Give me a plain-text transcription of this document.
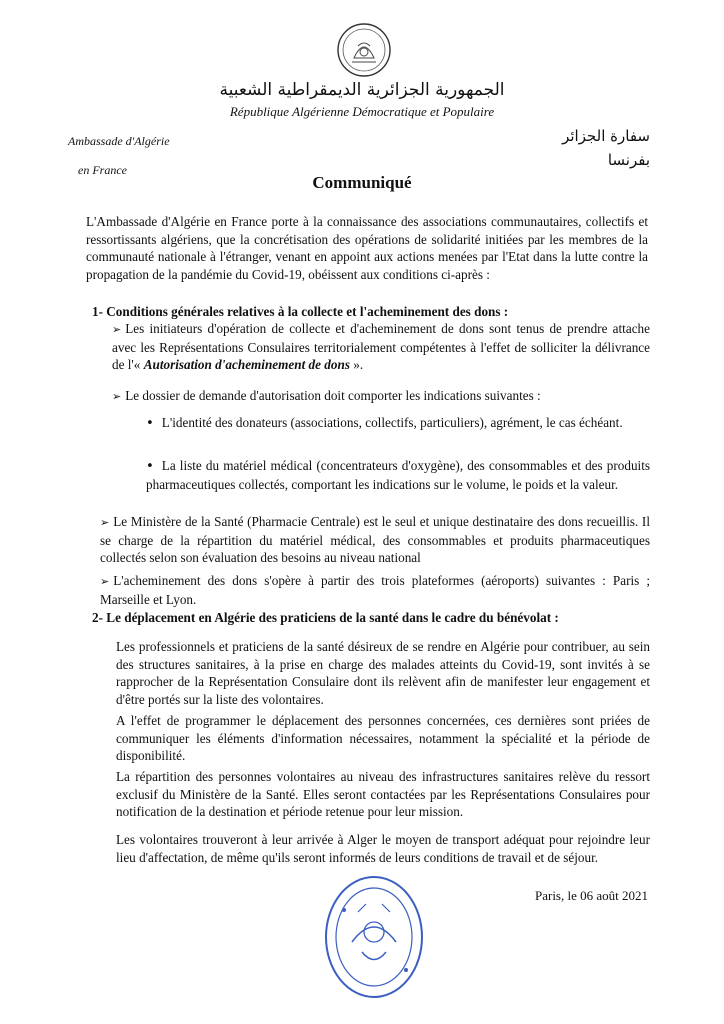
الجمهورية الجزائرية الديمقراطية الشعبية
République Algérienne Démocratique et Populaire
Ambassade d'Algérie
en France
سفارة الجزائر
بفرنسا
Communiqué
L'Ambassade d'Algérie en France porte à la connaissance des associations communautaires, collectifs et ressortissants algériens, que la concrétisation des opérations de solidarité initiées par les membres de la communauté nationale à l'étranger, venant en appoint aux actions menées par l'Etat dans la lutte contre la propagation de la pandémie du Covid-19, obéissent aux conditions ci-après :
1- Conditions générales relatives à la collecte et l'acheminement des dons :
➢ Les initiateurs d'opération de collecte et d'acheminement de dons sont tenus de prendre attache avec les Représentations Consulaires territorialement compétentes à l'effet de solliciter la délivrance de l'« Autorisation d'acheminement de dons ».
➢ Le dossier de demande d'autorisation doit comporter les indications suivantes :
• L'identité des donateurs (associations, collectifs, particuliers), agrément, le cas échéant.
• La liste du matériel médical (concentrateurs d'oxygène), des consommables et des produits pharmaceutiques collectés, comportant les indications sur le volume, le poids et la valeur.
➢ Le Ministère de la Santé (Pharmacie Centrale) est le seul et unique destinataire des dons recueillis. Il se charge de la répartition du matériel médical, des consommables et produits pharmaceutiques collectés selon son évaluation des besoins au niveau national
➢ L'acheminement des dons s'opère à partir des trois plateformes (aéroports) suivantes : Paris ; Marseille et Lyon.
2- Le déplacement en Algérie des praticiens de la santé dans le cadre du bénévolat :
Les professionnels et praticiens de la santé désireux de se rendre en Algérie pour contribuer, au sein des structures sanitaires, à la prise en charge des malades atteints du Covid-19, sont invités à se rapprocher de la Représentation Consulaire dont ils relèvent afin de manifester leur engagement et d'être portés sur la liste des volontaires.
A l'effet de programmer le déplacement des personnes concernées, ces dernières sont priées de communiquer les éléments d'information nécessaires, notamment la spécialité et la période de disponibilité.
La répartition des personnes volontaires au niveau des infrastructures sanitaires relève du ressort exclusif du Ministère de la Santé. Elles seront contactées par les Représentations Consulaires pour notification de la destination et période retenue pour leur mission.
Les volontaires trouveront à leur arrivée à Alger le moyen de transport adéquat pour rejoindre leur lieu d'affectation, de même qu'ils seront informés de leurs conditions de travail et de séjour.
Paris, le 06 août 2021
